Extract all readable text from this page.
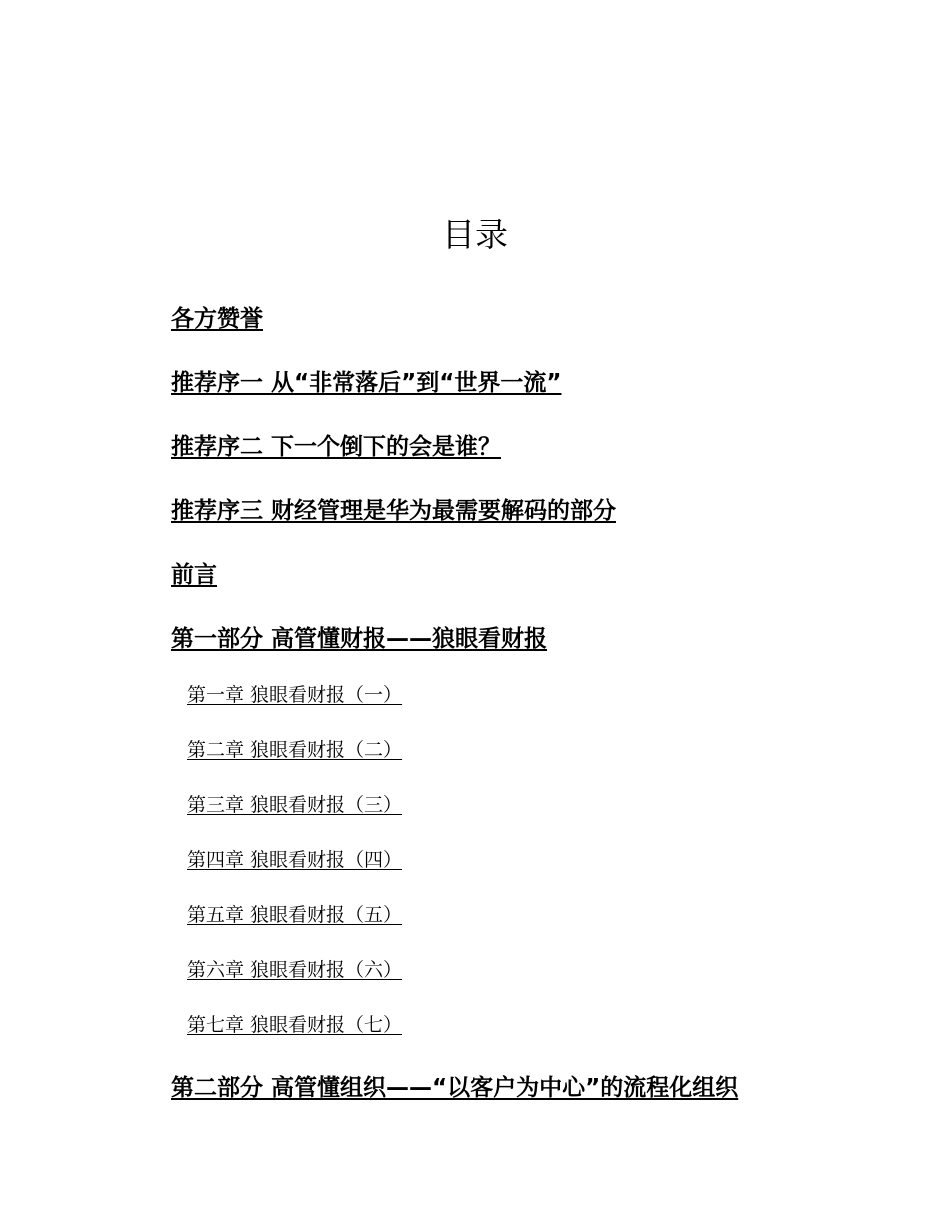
目录
各方赞誉
推荐序一 从“非常落后”到“世界一流”
推荐序二 下一个倒下的会是谁？
推荐序三 财经管理是华为最需要解码的部分
前言
第一部分 高管懂财报——狼眼看财报
第一章 狼眼看财报（一）
第二章 狼眼看财报（二）
第三章 狼眼看财报（三）
第四章 狼眼看财报（四）
第五章 狼眼看财报（五）
第六章 狼眼看财报（六）
第七章 狼眼看财报（七）
第二部分 高管懂组织——“以客户为中心”的流程化组织
